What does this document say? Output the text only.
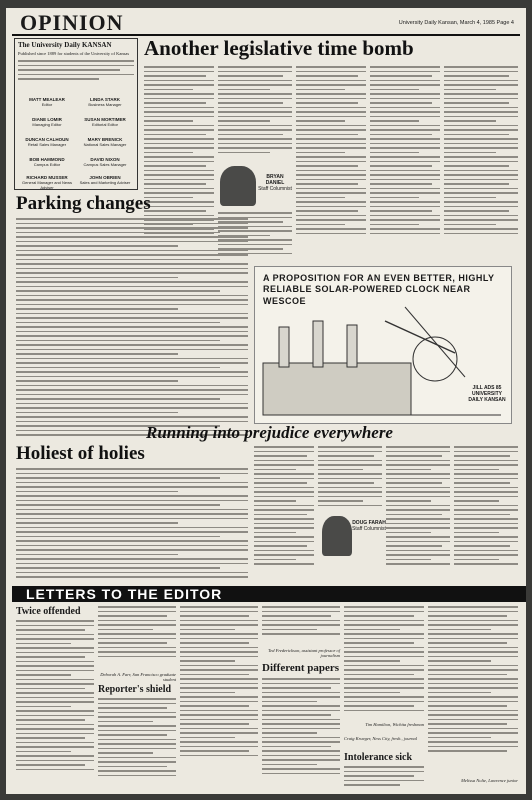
OPINION	University Daily Kansan, March 4, 1985 Page 4
The University Daily KANSAN
Published since 1889 for students of the University of Kansas
MATT MEALEAR
Editor
LINDA STARK
Business Manager
DIANE LOMIR
Managing Editor
SUSAN MORTIMER
Editorial Editor
DUNCAN CALHOUN
Retail Sales Manager
MARY BRENICK
National Sales Manager
BOB HAMMOND
Campus Editor
DAVID NIXON
Campus Sales Manager
RICHARD MUSSER
General Manager and News Adviser
JOHN OBRIEN
Sales and Marketing Adviser
Another legislative time bomb
BRYAN DANIEL
Staff Columnist
Parking changes
A PROPOSITION FOR AN EVEN BETTER, HIGHLY RELIABLE SOLAR-POWERED CLOCK NEAR WESCOE
JILL ADS 85 UNIVERSITY DAILY KANSAN
Holiest of holies
Running into prejudice everywhere
DOUG FARAH
Staff Columnist
LETTERS TO THE EDITOR
Twice offended
Deborah A. Farr, San Francisco graduate student
Reporter's shield
Ted Frederickson, assistant professor of journalism
Different papers
Tim Hamilton, Wichita freshman
Craig Krueger, Ness City, fresh., journal
Intolerance sick
Melissa Nolte, Lawrence junior
